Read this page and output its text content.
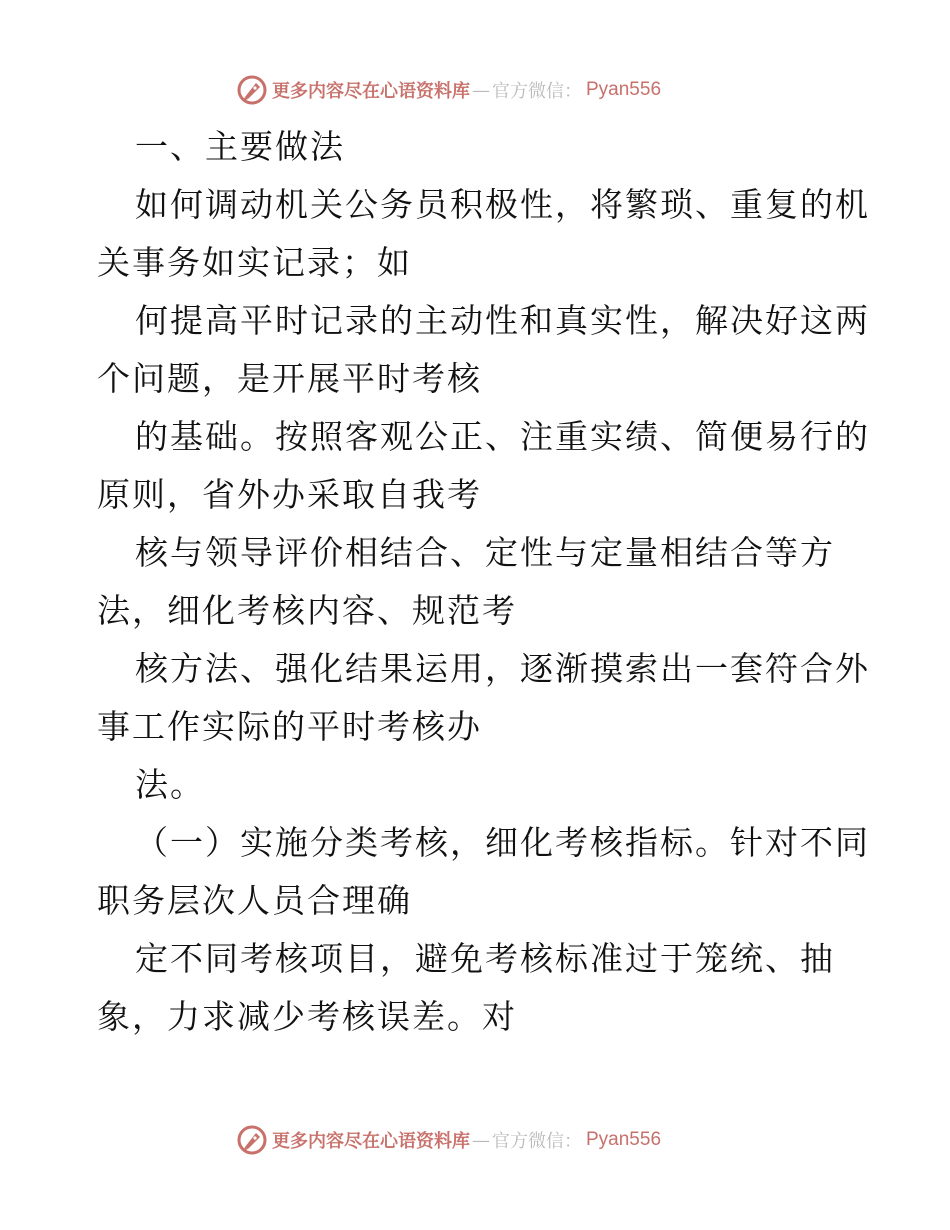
更多内容尽在心语资料库 — 官方微信： Pyan556
一、主要做法
如何调动机关公务员积极性，将繁琐、重复的机
关事务如实记录；如
何提高平时记录的主动性和真实性，解决好这两
个问题，是开展平时考核
的基础。按照客观公正、注重实绩、简便易行的
原则，省外办采取自我考
核与领导评价相结合、定性与定量相结合等方
法，细化考核内容、规范考
核方法、强化结果运用，逐渐摸索出一套符合外
事工作实际的平时考核办
法。
（一）实施分类考核，细化考核指标。针对不同
职务层次人员合理确
定不同考核项目，避免考核标准过于笼统、抽
象，力求减少考核误差。对
更多内容尽在心语资料库 — 官方微信： Pyan556
